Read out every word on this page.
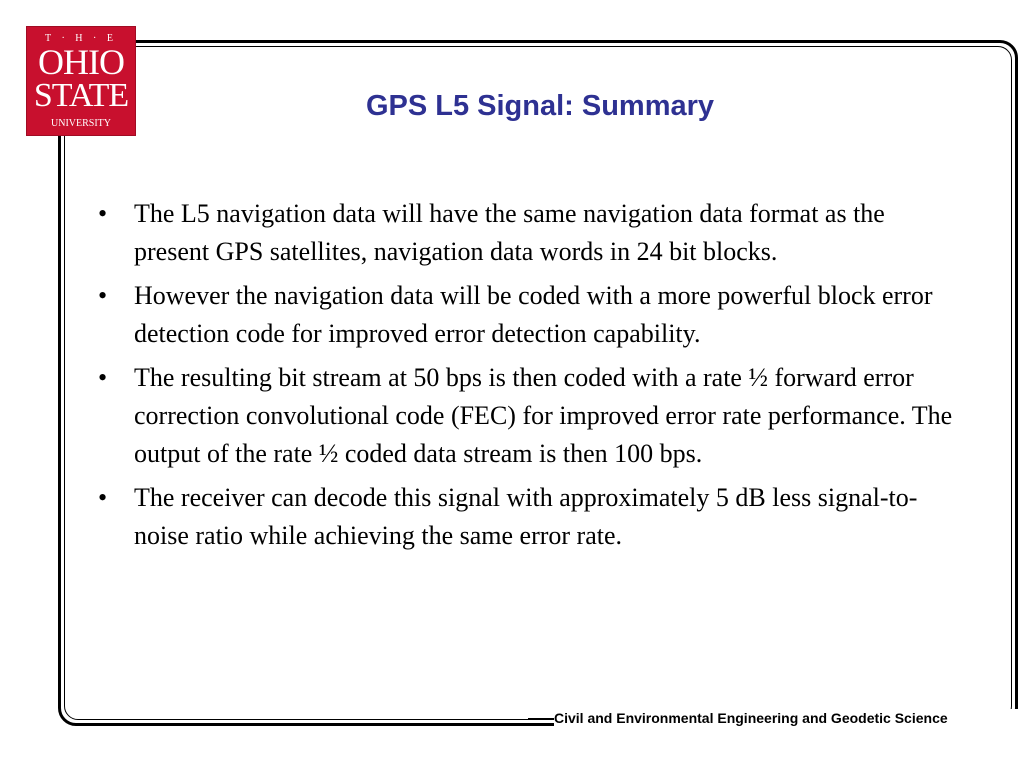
T · H · E
OHIO
STATE
UNIVERSITY
GPS L5 Signal: Summary
•	The L5 navigation data will have the same navigation data format as the present GPS satellites, navigation data words in 24 bit blocks.
•	However the navigation data will be coded with a more powerful block error detection code for improved error detection capability.
•	The resulting bit stream at 50 bps is then coded with a rate ½ forward error correction convolutional code (FEC) for improved error rate performance. The output of the rate ½ coded data stream is then 100 bps.
•	The receiver can decode this signal with approximately 5 dB less signal-to-noise ratio while achieving the same error rate.
Civil and Environmental Engineering and Geodetic Science
